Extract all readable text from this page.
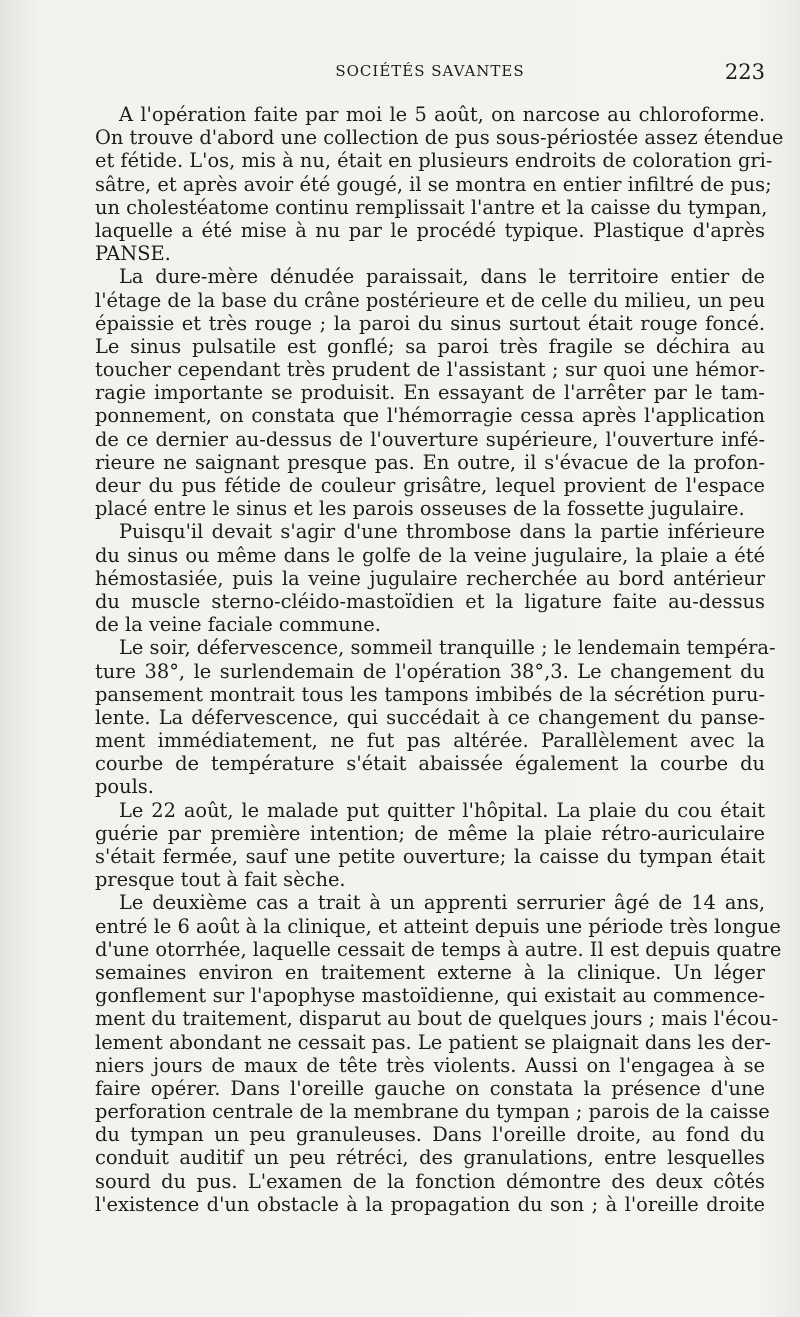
SOCIÉTÉS SAVANTES	223
A l'opération faite par moi le 5 août, on narcose au chloroforme.
On trouve d'abord une collection de pus sous-périostée assez étendue
et fétide. L'os, mis à nu, était en plusieurs endroits de coloration gri-
sâtre, et après avoir été gougé, il se montra en entier infiltré de pus;
un cholestéatome continu remplissait l'antre et la caisse du tympan,
laquelle a été mise à nu par le procédé typique. Plastique d'après
PANSE.
La dure-mère dénudée paraissait, dans le territoire entier de
l'étage de la base du crâne postérieure et de celle du milieu, un peu
épaissie et très rouge ; la paroi du sinus surtout était rouge foncé.
Le sinus pulsatile est gonflé; sa paroi très fragile se déchira au
toucher cependant très prudent de l'assistant ; sur quoi une hémor-
ragie importante se produisit. En essayant de l'arrêter par le tam-
ponnement, on constata que l'hémorragie cessa après l'application
de ce dernier au-dessus de l'ouverture supérieure, l'ouverture infé-
rieure ne saignant presque pas. En outre, il s'évacue de la profon-
deur du pus fétide de couleur grisâtre, lequel provient de l'espace
placé entre le sinus et les parois osseuses de la fossette jugulaire.
Puisqu'il devait s'agir d'une thrombose dans la partie inférieure
du sinus ou même dans le golfe de la veine jugulaire, la plaie a été
hémostasiée, puis la veine jugulaire recherchée au bord antérieur
du muscle sterno-cléido-mastoïdien et la ligature faite au-dessus
de la veine faciale commune.
Le soir, défervescence, sommeil tranquille ; le lendemain tempéra-
ture 38°, le surlendemain de l'opération 38°,3. Le changement du
pansement montrait tous les tampons imbibés de la sécrétion puru-
lente. La défervescence, qui succédait à ce changement du panse-
ment immédiatement, ne fut pas altérée. Parallèlement avec la
courbe de température s'était abaissée également la courbe du
pouls.
Le 22 août, le malade put quitter l'hôpital. La plaie du cou était
guérie par première intention; de même la plaie rétro-auriculaire
s'était fermée, sauf une petite ouverture; la caisse du tympan était
presque tout à fait sèche.
Le deuxième cas a trait à un apprenti serrurier âgé de 14 ans,
entré le 6 août à la clinique, et atteint depuis une période très longue
d'une otorrhée, laquelle cessait de temps à autre. Il est depuis quatre
semaines environ en traitement externe à la clinique. Un léger
gonflement sur l'apophyse mastoïdienne, qui existait au commence-
ment du traitement, disparut au bout de quelques jours ; mais l'écou-
lement abondant ne cessait pas. Le patient se plaignait dans les der-
niers jours de maux de tête très violents. Aussi on l'engagea à se
faire opérer. Dans l'oreille gauche on constata la présence d'une
perforation centrale de la membrane du tympan ; parois de la caisse
du tympan un peu granuleuses. Dans l'oreille droite, au fond du
conduit auditif un peu rétréci, des granulations, entre lesquelles
sourd du pus. L'examen de la fonction démontre des deux côtés
l'existence d'un obstacle à la propagation du son ; à l'oreille droite
